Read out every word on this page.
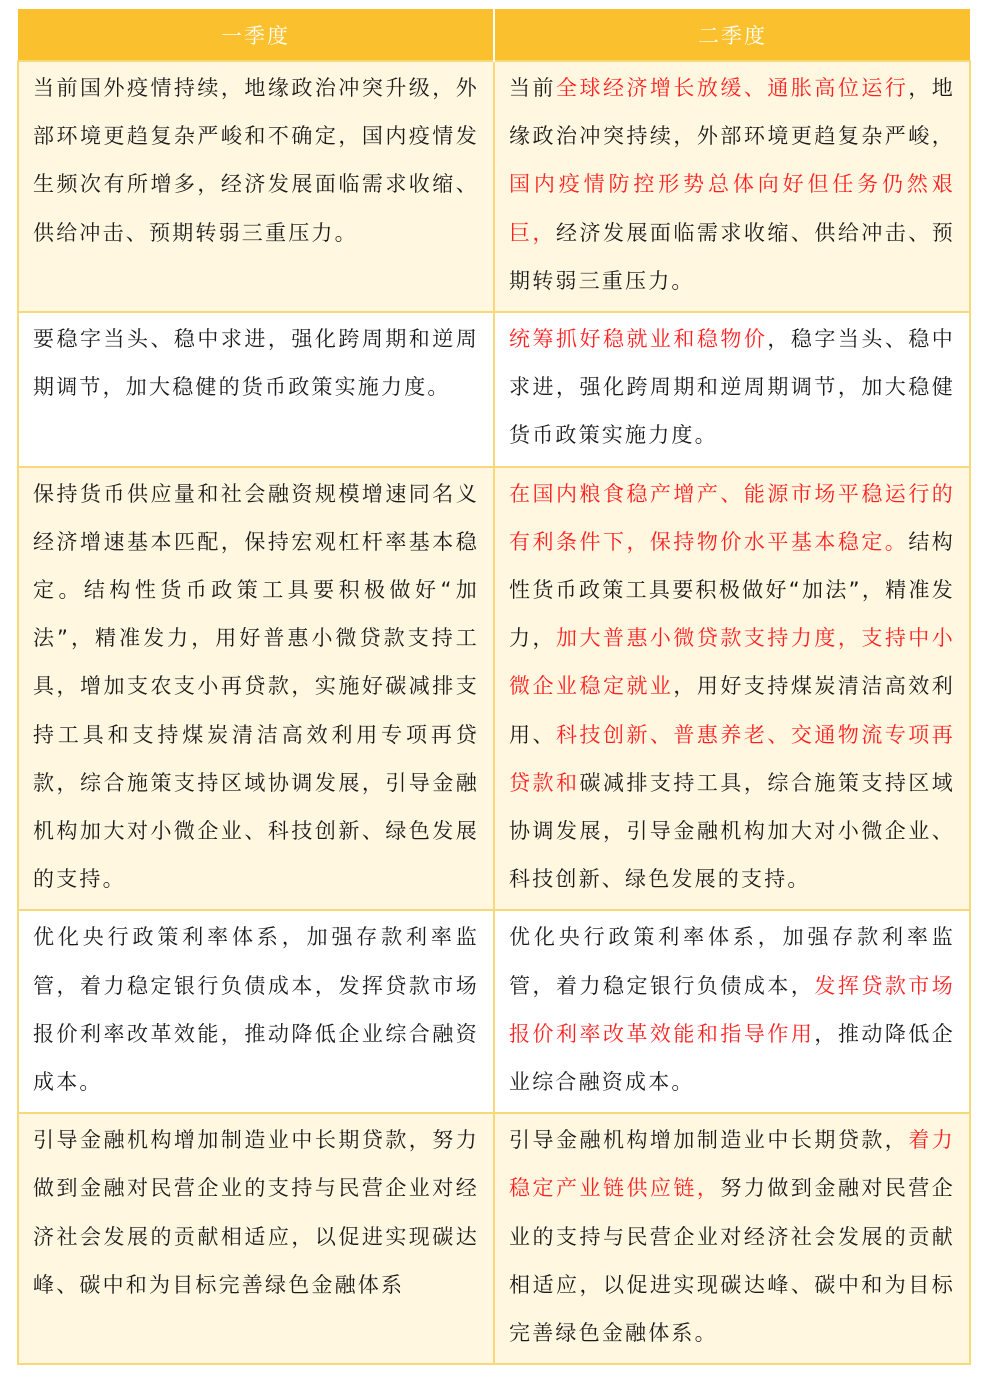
一季度	二季度
当前国外疫情持续，地缘政治冲突升级，外部环境更趋复杂严峻和不确定，国内疫情发生频次有所增多，经济发展面临需求收缩、供给冲击、预期转弱三重压力。	当前全球经济增长放缓、通胀高位运行，地缘政治冲突持续，外部环境更趋复杂严峻，国内疫情防控形势总体向好但任务仍然艰巨，经济发展面临需求收缩、供给冲击、预期转弱三重压力。
要稳字当头、稳中求进，强化跨周期和逆周期调节，加大稳健的货币政策实施力度。	统筹抓好稳就业和稳物价，稳字当头、稳中求进，强化跨周期和逆周期调节，加大稳健货币政策实施力度。
保持货币供应量和社会融资规模增速同名义经济增速基本匹配，保持宏观杠杆率基本稳定。结构性货币政策工具要积极做好“加法”，精准发力，用好普惠小微贷款支持工具，增加支农支小再贷款，实施好碳减排支持工具和支持煤炭清洁高效利用专项再贷款，综合施策支持区域协调发展，引导金融机构加大对小微企业、科技创新、绿色发展的支持。	在国内粮食稳产增产、能源市场平稳运行的有利条件下，保持物价水平基本稳定。结构性货币政策工具要积极做好“加法”，精准发力，加大普惠小微贷款支持力度，支持中小微企业稳定就业，用好支持煤炭清洁高效利用、科技创新、普惠养老、交通物流专项再贷款和碳减排支持工具，综合施策支持区域协调发展，引导金融机构加大对小微企业、科技创新、绿色发展的支持。
优化央行政策利率体系，加强存款利率监管，着力稳定银行负债成本，发挥贷款市场报价利率改革效能，推动降低企业综合融资成本。	优化央行政策利率体系，加强存款利率监管，着力稳定银行负债成本，发挥贷款市场报价利率改革效能和指导作用，推动降低企业综合融资成本。
引导金融机构增加制造业中长期贷款，努力做到金融对民营企业的支持与民营企业对经济社会发展的贡献相适应，以促进实现碳达峰、碳中和为目标完善绿色金融体系	引导金融机构增加制造业中长期贷款，着力稳定产业链供应链，努力做到金融对民营企业的支持与民营企业对经济社会发展的贡献相适应，以促进实现碳达峰、碳中和为目标完善绿色金融体系。
